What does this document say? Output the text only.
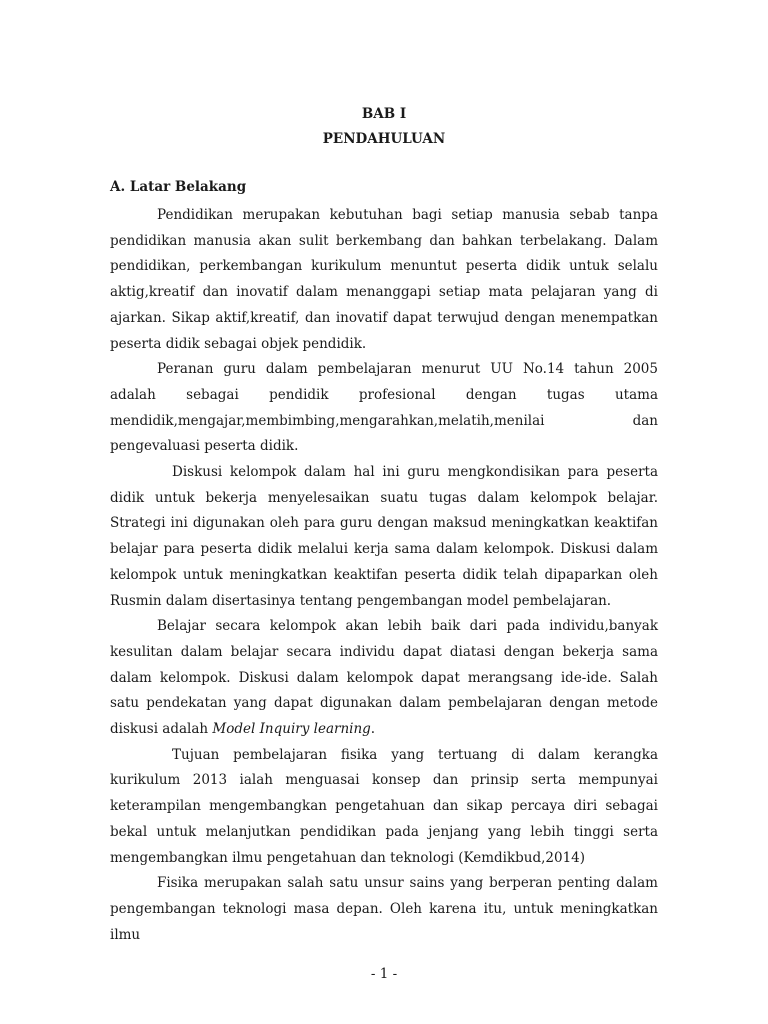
BAB I
PENDAHULUAN
A. Latar Belakang

Pendidikan merupakan kebutuhan bagi setiap manusia sebab tanpa pendidikan manusia akan sulit berkembang dan bahkan terbelakang. Dalam pendidikan, perkembangan kurikulum menuntut peserta didik untuk selalu aktig,kreatif dan inovatif dalam menanggapi setiap mata pelajaran yang di ajarkan. Sikap aktif,kreatif, dan inovatif dapat terwujud dengan menempatkan peserta didik sebagai objek pendidik.

Peranan guru dalam pembelajaran menurut UU No.14 tahun 2005 adalah sebagai pendidik profesional dengan tugas utama mendidik,mengajar,membimbing,mengarahkan,melatih,menilai dan pengevaluasi peserta didik.

Diskusi kelompok dalam hal ini guru mengkondisikan para peserta didik untuk bekerja menyelesaikan suatu tugas dalam kelompok belajar. Strategi ini digunakan oleh para guru dengan maksud meningkatkan keaktifan belajar para peserta didik melalui kerja sama dalam kelompok. Diskusi dalam kelompok untuk meningkatkan keaktifan peserta didik telah dipaparkan oleh Rusmin dalam disertasinya tentang pengembangan model pembelajaran.

Belajar secara kelompok akan lebih baik dari pada individu,banyak kesulitan dalam belajar secara individu dapat diatasi dengan bekerja sama dalam kelompok. Diskusi dalam kelompok dapat merangsang ide-ide. Salah satu pendekatan yang dapat digunakan dalam pembelajaran dengan metode diskusi adalah Model Inquiry learning.

Tujuan pembelajaran fisika yang tertuang di dalam kerangka kurikulum 2013 ialah menguasai konsep dan prinsip serta mempunyai keterampilan mengembangkan pengetahuan dan sikap percaya diri sebagai bekal untuk melanjutkan pendidikan pada jenjang yang lebih tinggi serta mengembangkan ilmu pengetahuan dan teknologi (Kemdikbud,2014)

Fisika merupakan salah satu unsur sains yang berperan penting dalam pengembangan teknologi masa depan. Oleh karena itu, untuk meningkatkan ilmu

- 1 -
